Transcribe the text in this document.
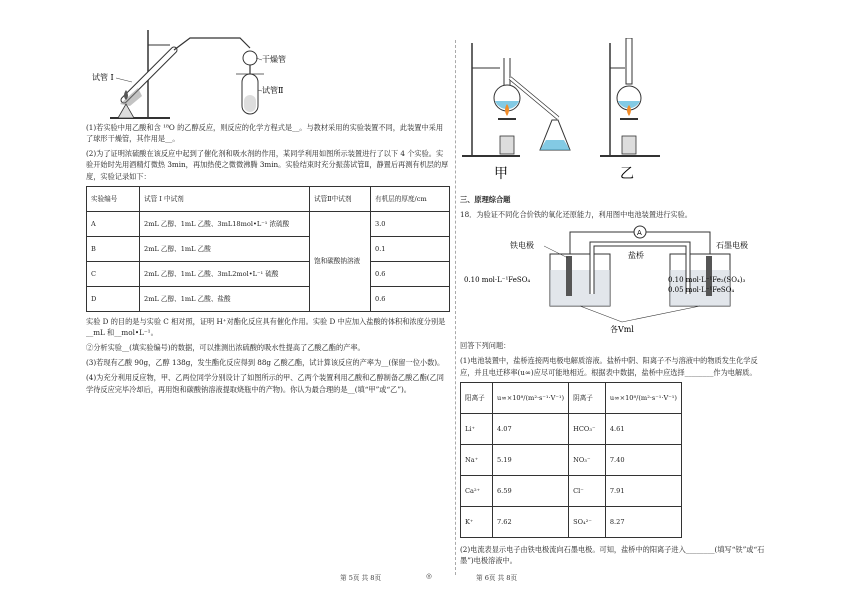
试管 I
干燥管
试管Ⅱ

(1)若实验中用乙酸和含 ¹⁸O 的乙醇反应，则反应的化学方程式是__。与教材采用的实验装置不同，此装置中采用了球形干燥管，其作用是__。

(2)为了证明浓硫酸在该反应中起到了催化剂和吸水剂的作用，某同学利用如图所示装置进行了以下 4 个实验。实验开始时先用酒精灯微热 3min，再加热使之微微沸腾 3min。实验结束时充分振荡试管Ⅱ，静置后再测有机层的厚度，实验记录如下：

实验编号	试管 I 中试剂	试管Ⅱ中试剂	有机层的厚度/cm
A	2mL 乙醇、1mL 乙酸、3mL18mol•L⁻¹ 浓硫酸	饱和碳酸钠溶液	3.0
B	2mL 乙醇、1mL 乙酸		0.1
C	2mL 乙醇、1mL 乙酸、3mL2mol•L⁻¹ 硫酸		0.6
D	2mL 乙醇、1mL 乙酸、盐酸		0.6

实验 D 的目的是与实验 C 相对照，证明 H⁺对酯化反应具有催化作用。实验 D 中应加入盐酸的体积和浓度分别是__mL 和__mol•L⁻¹。

②分析实验__(填实验编号)的数据，可以推测出浓硫酸的吸水性提高了乙酸乙酯的产率。

(3)若现有乙酸 90g，乙醇 138g，发生酯化反应得到 88g 乙酸乙酯，试计算该反应的产率为__(保留一位小数)。

(4)为充分利用反应物，甲、乙两位同学分别设计了如图所示的甲、乙两个装置利用乙酸和乙醇制备乙酸乙酯(乙同学待反应完毕冷却后，再用饱和碳酸钠溶液提取烧瓶中的产物)。你认为最合理的是__(填“甲”或“乙”)。

甲	乙

三、原理综合题

18．为验证不同化合价铁的氧化还原能力，利用图中电池装置进行实验。

A
铁电极	石墨电极
盐桥
0.10 mol·L⁻¹FeSO₄	0.10 mol·L⁻¹Fe₂(SO₄)₃
0.05 mol·L⁻¹FeSO₄
各Vml

回答下列问题：

(1)电池装置中，盐桥连接两电极电解质溶液。盐桥中阴、阳离子不与溶液中的物质发生化学反应，并且电迁移率(u∞)应尽可能地相近。根据表中数据，盐桥中应选择________作为电解质。

阳离子	u∞×10⁸/(m²·s⁻¹·V⁻¹)	阴离子	u∞×10⁸/(m²·s⁻¹·V⁻¹)
Li⁺	4.07	HCO₃⁻	4.61
Na⁺	5.19	NO₃⁻	7.40
Ca²⁺	6.59	Cl⁻	7.91
K⁺	7.62	SO₄²⁻	8.27

(2)电流表显示电子由铁电极流向石墨电极。可知，盐桥中的阳离子进入________(填写“铁”或“石墨”)电极溶液中。

第 5页 共 8页	◎	第 6页 共 8页
